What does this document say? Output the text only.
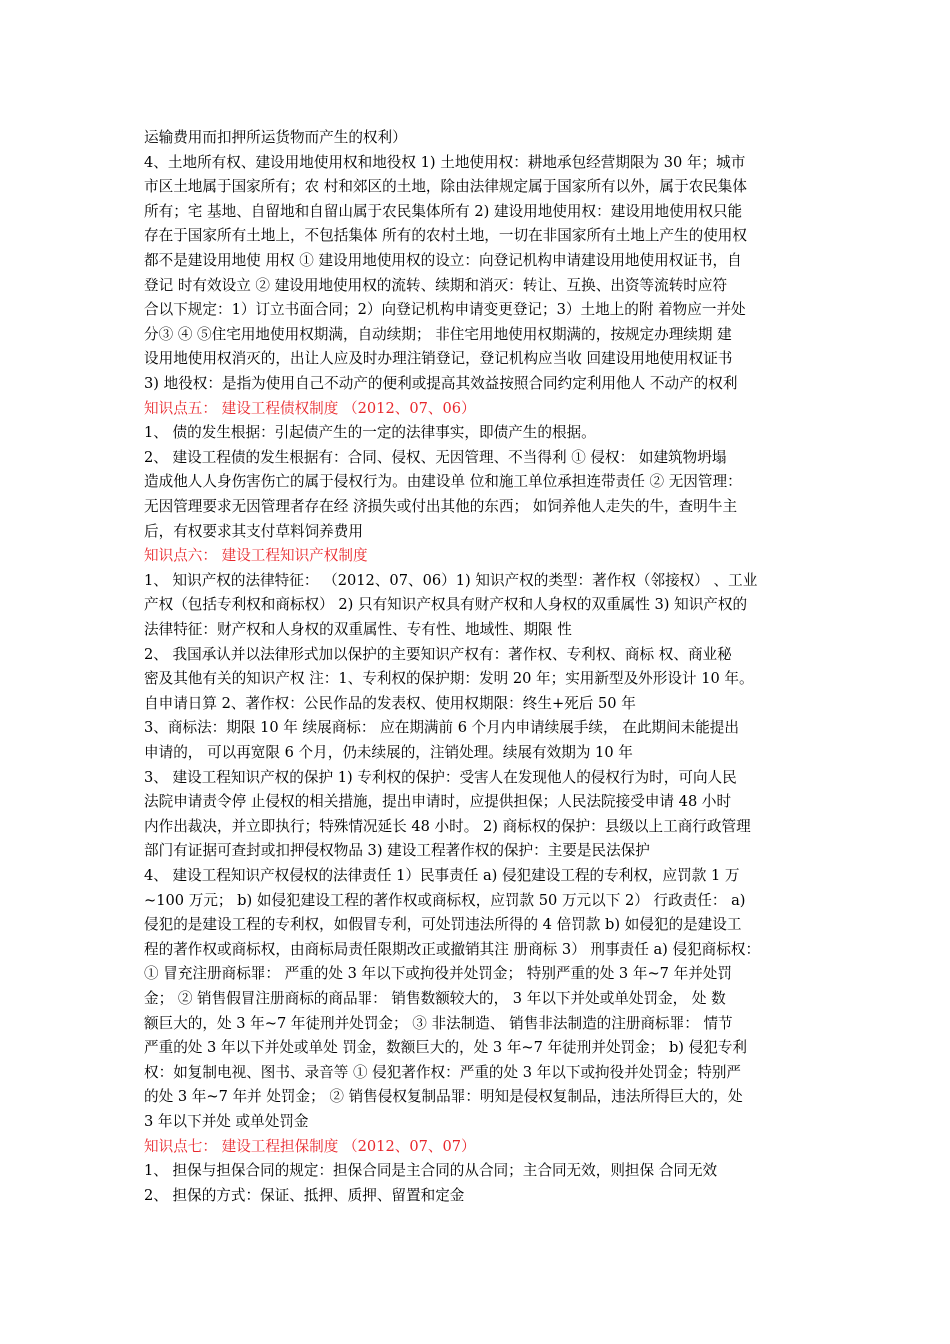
运输费用而扣押所运货物而产生的权利）
4、土地所有权、建设用地使用权和地役权 1) 土地使用权：耕地承包经营期限为 30 年；城市
市区土地属于国家所有；农 村和郊区的土地，除由法律规定属于国家所有以外，属于农民集体
所有；宅 基地、自留地和自留山属于农民集体所有 2) 建设用地使用权：建设用地使用权只能
存在于国家所有土地上，不包括集体 所有的农村土地，一切在非国家所有土地上产生的使用权
都不是建设用地使 用权 ① 建设用地使用权的设立：向登记机构申请建设用地使用权证书，自
登记 时有效设立 ② 建设用地使用权的流转、续期和消灭：转让、互换、出资等流转时应符
合以下规定：1）订立书面合同；2）向登记机构申请变更登记；3）土地上的附 着物应一并处
分③ ④ ⑤住宅用地使用权期满，自动续期； 非住宅用地使用权期满的，按规定办理续期 建
设用地使用权消灭的，出让人应及时办理注销登记，登记机构应当收 回建设用地使用权证书
3) 地役权：是指为使用自己不动产的便利或提高其效益按照合同约定利用他人 不动产的权利
知识点五： 建设工程债权制度 （2012、07、06）
1、 债的发生根据：引起债产生的一定的法律事实，即债产生的根据。
2、 建设工程债的发生根据有：合同、侵权、无因管理、不当得利 ① 侵权： 如建筑物坍塌
造成他人人身伤害伤亡的属于侵权行为。由建设单 位和施工单位承担连带责任 ② 无因管理：
无因管理要求无因管理者存在经 济损失或付出其他的东西； 如饲养他人走失的牛，查明牛主
后，有权要求其支付草料饲养费用
知识点六： 建设工程知识产权制度
1、 知识产权的法律特征： （2012、07、06）1) 知识产权的类型：著作权（邻接权） 、工业
产权（包括专利权和商标权） 2) 只有知识产权具有财产权和人身权的双重属性 3) 知识产权的
法律特征：财产权和人身权的双重属性、专有性、地域性、期限 性
2、 我国承认并以法律形式加以保护的主要知识产权有：著作权、专利权、商标 权、商业秘
密及其他有关的知识产权 注：1、专利权的保护期：发明 20 年；实用新型及外形设计 10 年。
自申请日算 2、著作权：公民作品的发表权、使用权期限：终生+死后 50 年
3、商标法：期限 10 年 续展商标： 应在期满前 6 个月内申请续展手续， 在此期间未能提出
申请的， 可以再宽限 6 个月，仍未续展的，注销处理。续展有效期为 10 年
3、 建设工程知识产权的保护 1) 专利权的保护：受害人在发现他人的侵权行为时，可向人民
法院申请责令停 止侵权的相关措施，提出申请时，应提供担保；人民法院接受申请 48 小时
内作出裁决，并立即执行；特殊情况延长 48 小时。 2) 商标权的保护：县级以上工商行政管理
部门有证据可查封或扣押侵权物品 3) 建设工程著作权的保护：主要是民法保护
4、 建设工程知识产权侵权的法律责任 1）民事责任 a) 侵犯建设工程的专利权，应罚款 1 万
~100 万元； b) 如侵犯建设工程的著作权或商标权，应罚款 50 万元以下 2） 行政责任： a)
侵犯的是建设工程的专利权，如假冒专利，可处罚违法所得的 4 倍罚款 b) 如侵犯的是建设工
程的著作权或商标权，由商标局责任限期改正或撤销其注 册商标 3） 刑事责任 a) 侵犯商标权：
① 冒充注册商标罪： 严重的处 3 年以下或拘役并处罚金； 特别严重的处 3 年~7 年并处罚
金； ② 销售假冒注册商标的商品罪： 销售数额较大的， 3 年以下并处或单处罚金， 处 数
额巨大的，处 3 年~7 年徒刑并处罚金； ③ 非法制造、 销售非法制造的注册商标罪： 情节
严重的处 3 年以下并处或单处 罚金，数额巨大的，处 3 年~7 年徒刑并处罚金； b) 侵犯专利
权：如复制电视、图书、录音等 ① 侵犯著作权：严重的处 3 年以下或拘役并处罚金；特别严
的处 3 年~7 年并 处罚金； ② 销售侵权复制品罪：明知是侵权复制品，违法所得巨大的，处
3 年以下并处 或单处罚金
知识点七： 建设工程担保制度 （2012、07、07）
1、 担保与担保合同的规定：担保合同是主合同的从合同；主合同无效，则担保 合同无效
2、 担保的方式：保证、抵押、质押、留置和定金
